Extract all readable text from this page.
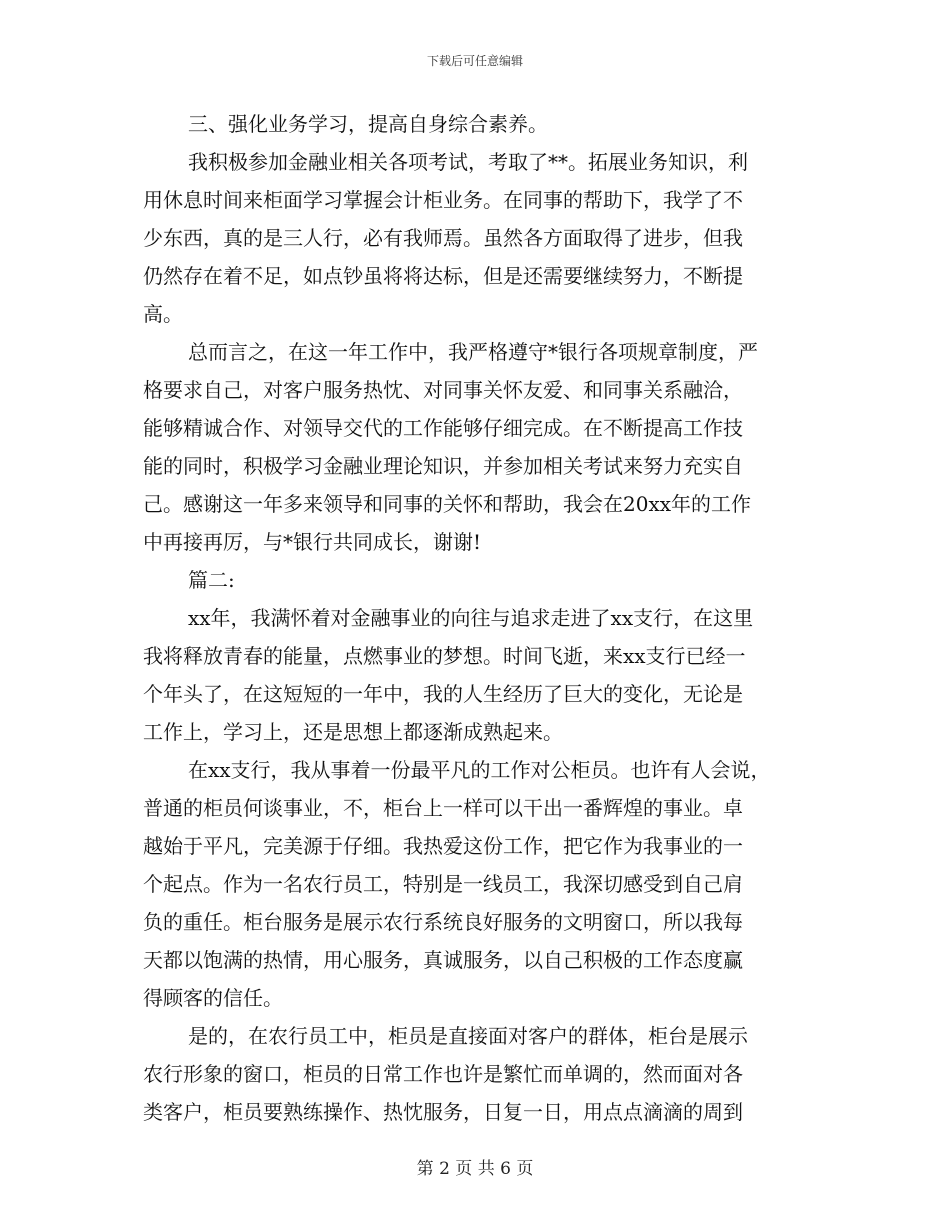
下载后可任意编辑
三、强化业务学习，提高自身综合素养。
我积极参加金融业相关各项考试，考取了**。拓展业务知识，利
用休息时间来柜面学习掌握会计柜业务。在同事的帮助下，我学了不
少东西，真的是三人行，必有我师焉。虽然各方面取得了进步，但我
仍然存在着不足，如点钞虽将将达标，但是还需要继续努力，不断提
高。
总而言之，在这一年工作中，我严格遵守*银行各项规章制度，严
格要求自己，对客户服务热忱、对同事关怀友爱、和同事关系融洽，
能够精诚合作、对领导交代的工作能够仔细完成。在不断提高工作技
能的同时，积极学习金融业理论知识，并参加相关考试来努力充实自
己。感谢这一年多来领导和同事的关怀和帮助，我会在20xx年的工作
中再接再厉，与*银行共同成长，谢谢!
篇二:
xx年，我满怀着对金融事业的向往与追求走进了xx支行，在这里
我将释放青春的能量，点燃事业的梦想。时间飞逝，来xx支行已经一
个年头了，在这短短的一年中，我的人生经历了巨大的变化，无论是
工作上，学习上，还是思想上都逐渐成熟起来。
在xx支行，我从事着一份最平凡的工作对公柜员。也许有人会说，
普通的柜员何谈事业，不，柜台上一样可以干出一番辉煌的事业。卓
越始于平凡，完美源于仔细。我热爱这份工作，把它作为我事业的一
个起点。作为一名农行员工，特别是一线员工，我深切感受到自己肩
负的重任。柜台服务是展示农行系统良好服务的文明窗口，所以我每
天都以饱满的热情，用心服务，真诚服务，以自己积极的工作态度赢
得顾客的信任。
是的，在农行员工中，柜员是直接面对客户的群体，柜台是展示
农行形象的窗口，柜员的日常工作也许是繁忙而单调的，然而面对各
类客户，柜员要熟练操作、热忱服务，日复一日，用点点滴滴的周到
第 2 页 共 6 页
